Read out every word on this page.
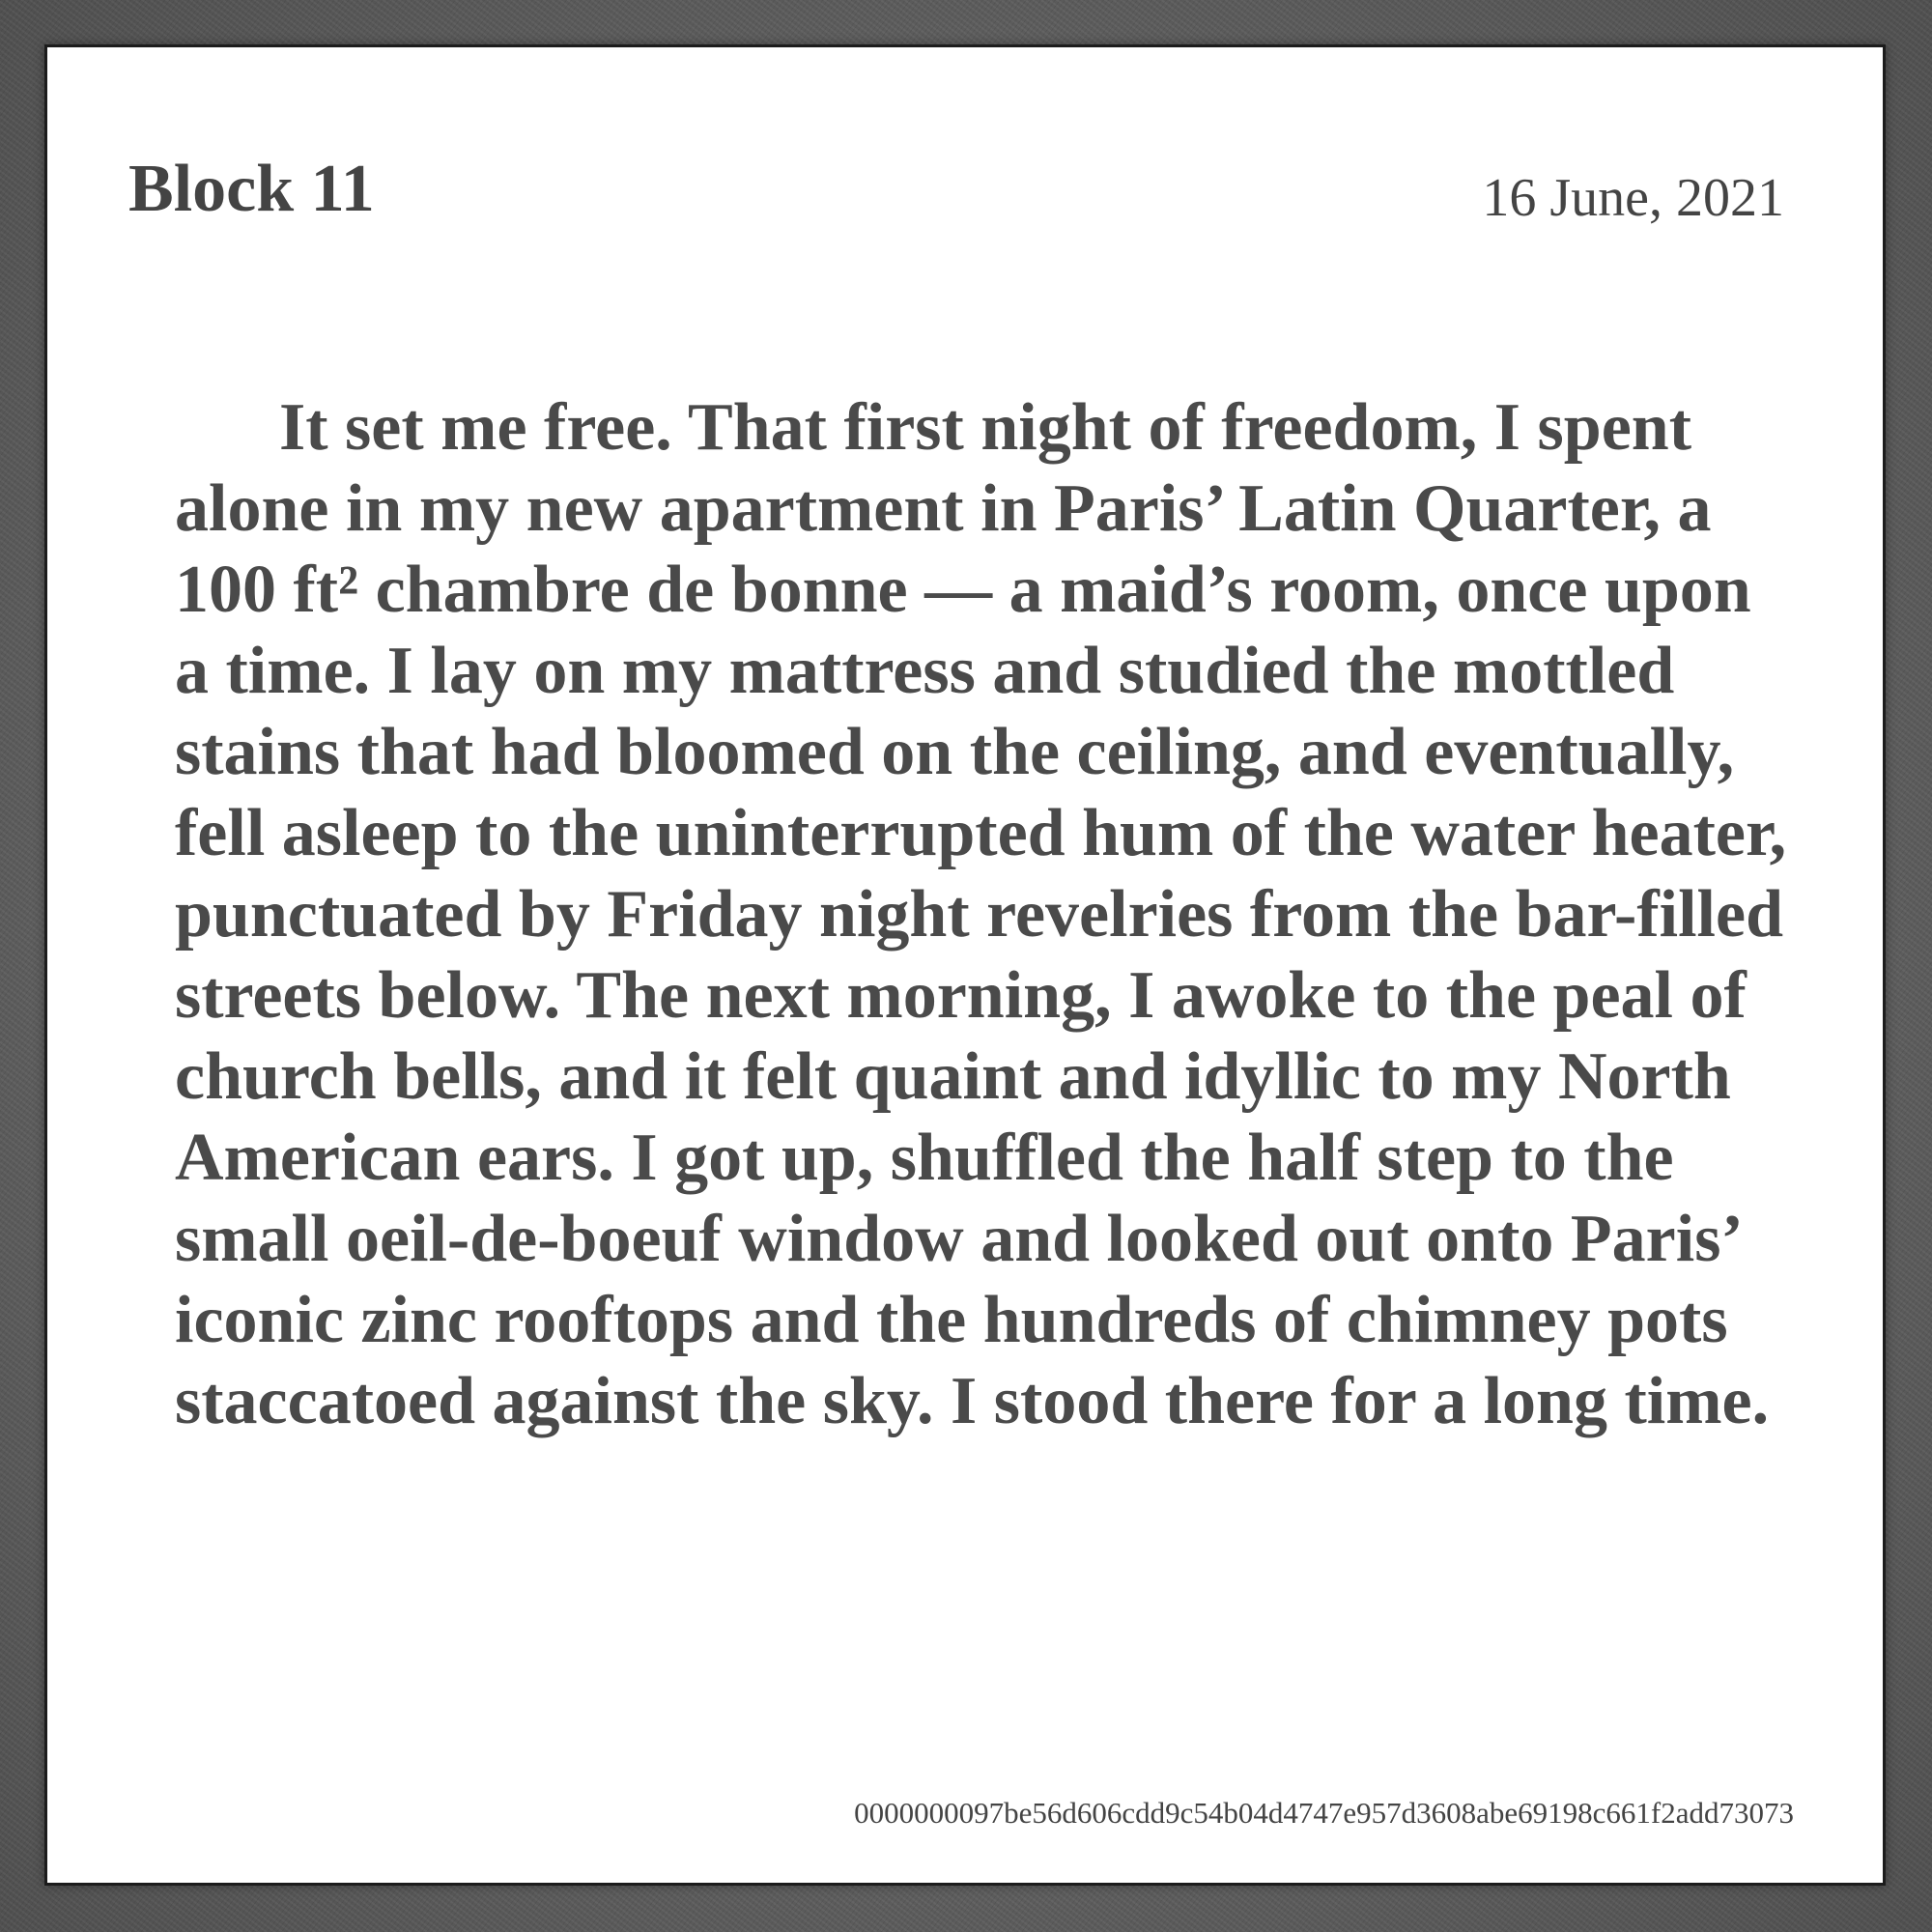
Block 11	16 June, 2021

It set me free. That first night of freedom, I spent alone in my new apartment in Paris’ Latin Quarter, a 100 ft² chambre de bonne — a maid’s room, once upon a time. I lay on my mattress and studied the mottled stains that had bloomed on the ceiling, and eventually, fell asleep to the uninterrupted hum of the water heater, punctuated by Friday night revelries from the bar-filled streets below. The next morning, I awoke to the peal of church bells, and it felt quaint and idyllic to my North American ears. I got up, shuffled the half step to the small oeil-de-boeuf window and looked out onto Paris’ iconic zinc rooftops and the hundreds of chimney pots staccatoed against the sky. I stood there for a long time.

0000000097be56d606cdd9c54b04d4747e957d3608abe69198c661f2add73073
